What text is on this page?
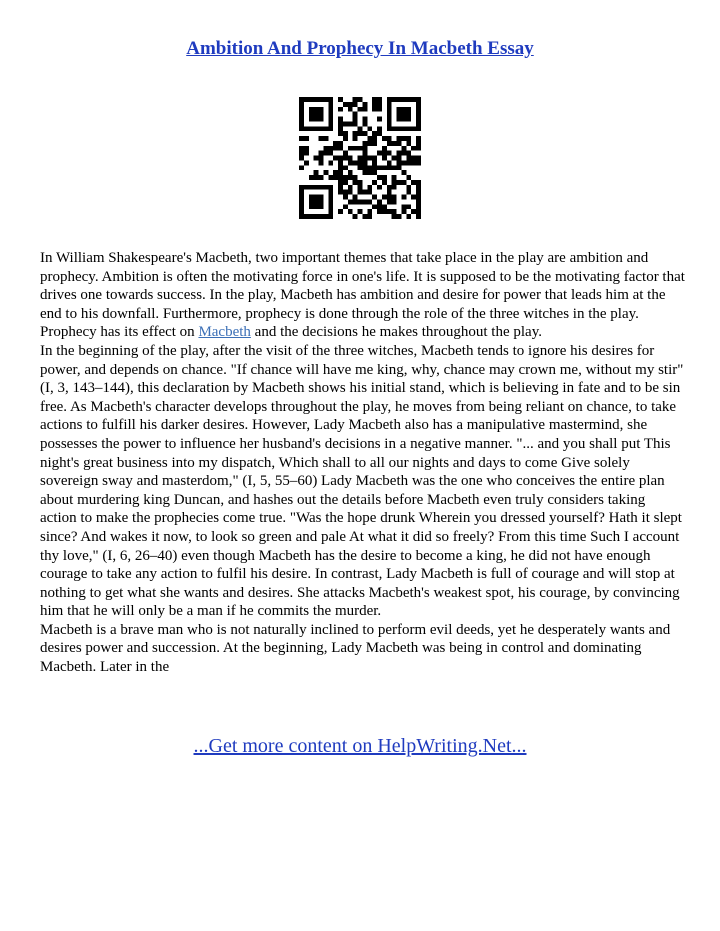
Ambition And Prophecy In Macbeth Essay

In William Shakespeare's Macbeth, two important themes that take place in the play are ambition and prophecy. Ambition is often the motivating force in one's life. It is supposed to be the motivating factor that drives one towards success. In the play, Macbeth has ambition and desire for power that leads him at the end to his downfall. Furthermore, prophecy is done through the role of the three witches in the play. Prophecy has its effect on Macbeth and the decisions he makes throughout the play.

In the beginning of the play, after the visit of the three witches, Macbeth tends to ignore his desires for power, and depends on chance. "If chance will have me king, why, chance may crown me, without my stir" (I, 3, 143–144), this declaration by Macbeth shows his initial stand, which is believing in fate and to be sin free. As Macbeth's character develops throughout the play, he moves from being reliant on chance, to take actions to fulfill his darker desires. However, Lady Macbeth also has a manipulative mastermind, she possesses the power to influence her husband's decisions in a negative manner. "... and you shall put This night's great business into my dispatch, Which shall to all our nights and days to come Give solely sovereign sway and masterdom," (I, 5, 55–60) Lady Macbeth was the one who conceives the entire plan about murdering king Duncan, and hashes out the details before Macbeth even truly considers taking action to make the prophecies come true. "Was the hope drunk Wherein you dressed yourself? Hath it slept since? And wakes it now, to look so green and pale At what it did so freely? From this time Such I account thy love," (I, 6, 26–40) even though Macbeth has the desire to become a king, he did not have enough courage to take any action to fulfil his desire. In contrast, Lady Macbeth is full of courage and will stop at nothing to get what she wants and desires. She attacks Macbeth's weakest spot, his courage, by convincing him that he will only be a man if he commits the murder.

Macbeth is a brave man who is not naturally inclined to perform evil deeds, yet he desperately wants and desires power and succession. At the beginning, Lady Macbeth was being in control and dominating Macbeth. Later in the

...Get more content on HelpWriting.Net...
